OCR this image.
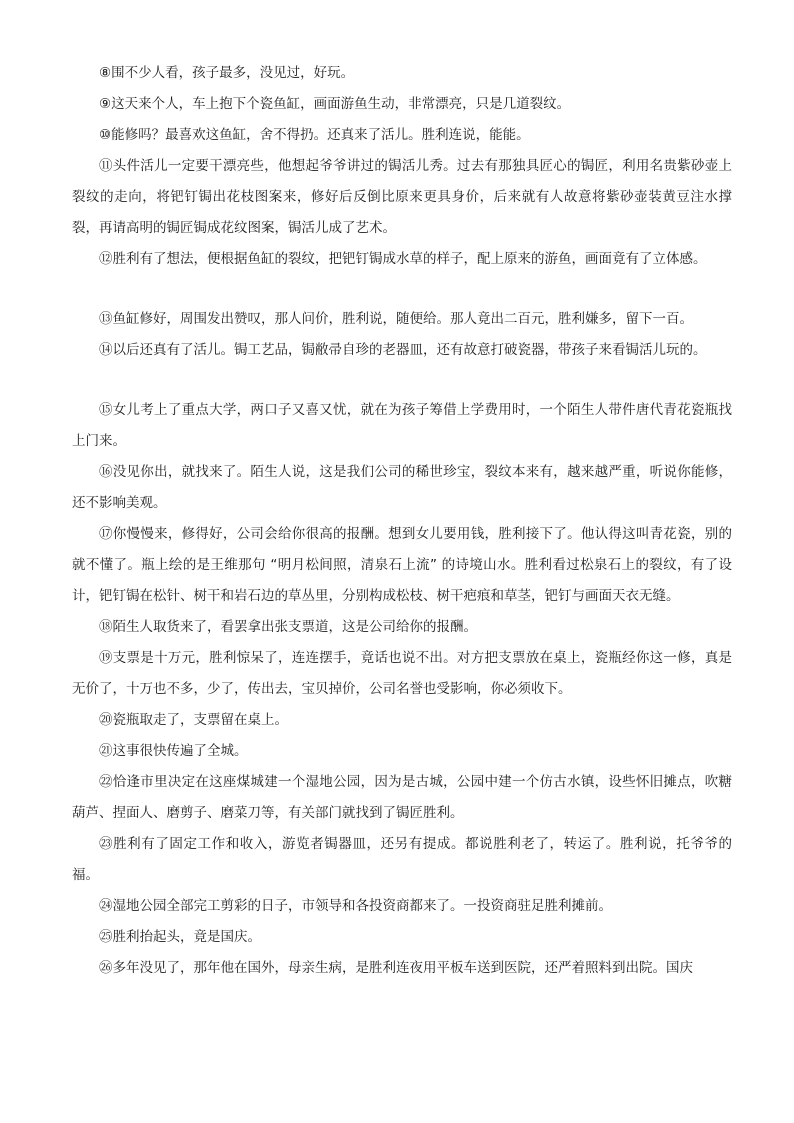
⑧围不少人看，孩子最多，没见过，好玩。

⑨这天来个人，车上抱下个瓷鱼缸，画面游鱼生动，非常漂亮，只是几道裂纹。

⑩能修吗？最喜欢这鱼缸，舍不得扔。还真来了活儿。胜利连说，能能。

⑪头件活儿一定要干漂亮些，他想起爷爷讲过的锔活儿秀。过去有那独具匠心的锔匠，利用名贵紫砂壶上裂纹的走向，将钯钉锔出花枝图案来，修好后反倒比原来更具身价，后来就有人故意将紫砂壶装黄豆注水撑裂，再请高明的锔匠锔成花纹图案，锔活儿成了艺术。

⑫胜利有了想法，便根据鱼缸的裂纹，把钯钉锔成水草的样子，配上原来的游鱼，画面竟有了立体感。

⑬鱼缸修好，周围发出赞叹，那人问价，胜利说，随便给。那人竟出二百元，胜利嫌多，留下一百。

⑭以后还真有了活儿。锔工艺品，锔敝帚自珍的老器皿，还有故意打破瓷器，带孩子来看锔活儿玩的。

⑮女儿考上了重点大学，两口子又喜又忧，就在为孩子筹借上学费用时，一个陌生人带件唐代青花瓷瓶找上门来。

⑯没见你出，就找来了。陌生人说，这是我们公司的稀世珍宝，裂纹本来有，越来越严重，听说你能修，还不影响美观。

⑰你慢慢来，修得好，公司会给你很高的报酬。想到女儿要用钱，胜利接下了。他认得这叫青花瓷，别的就不懂了。瓶上绘的是王维那句 “明月松间照，清泉石上流” 的诗境山水。胜利看过松泉石上的裂纹，有了设计，钯钉锔在松针、树干和岩石边的草丛里，分别构成松枝、树干疤痕和草茎，钯钉与画面天衣无缝。

⑱陌生人取货来了，看罢拿出张支票道，这是公司给你的报酬。

⑲支票是十万元，胜利惊呆了，连连摆手，竟话也说不出。对方把支票放在桌上，瓷瓶经你这一修，真是无价了，十万也不多，少了，传出去，宝贝掉价，公司名誉也受影响，你必须收下。

⑳瓷瓶取走了，支票留在桌上。

㉑这事很快传遍了全城。

㉒恰逢市里决定在这座煤城建一个湿地公园，因为是古城，公园中建一个仿古水镇，设些怀旧摊点，吹糖葫芦、捏面人、磨剪子、磨菜刀等，有关部门就找到了锔匠胜利。

㉓胜利有了固定工作和收入，游览者锔器皿，还另有提成。都说胜利老了，转运了。胜利说，托爷爷的福。

㉔湿地公园全部完工剪彩的日子，市领导和各投资商都来了。一投资商驻足胜利摊前。

㉕胜利抬起头，竟是国庆。

㉖多年没见了，那年他在国外，母亲生病，是胜利连夜用平板车送到医院，还严着照料到出院。国庆
